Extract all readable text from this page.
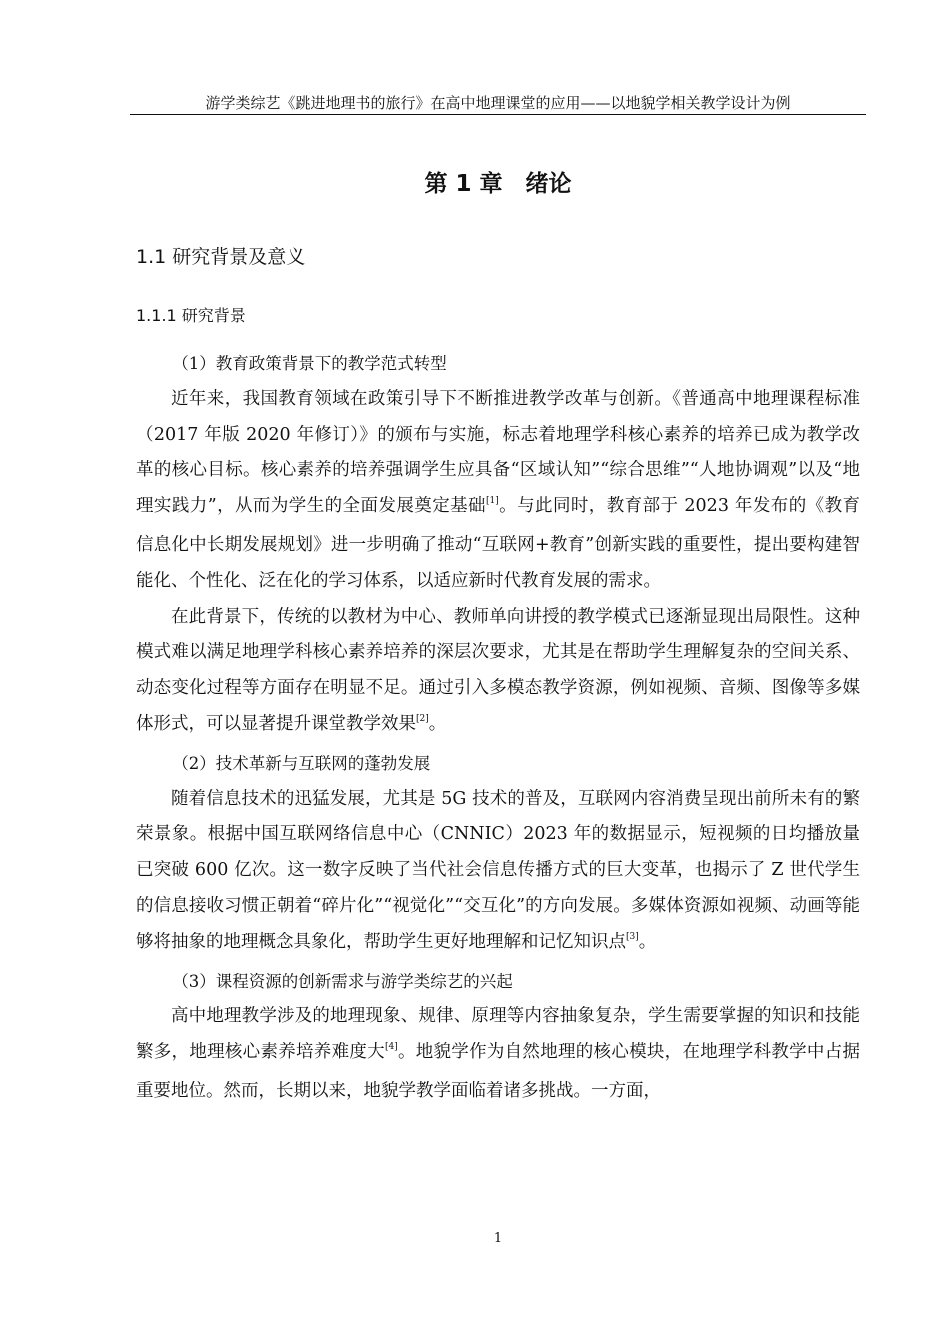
游学类综艺《跳进地理书的旅行》在高中地理课堂的应用——以地貌学相关教学设计为例
第 1 章　绪论
1.1 研究背景及意义
1.1.1 研究背景

（1）教育政策背景下的教学范式转型

近年来，我国教育领域在政策引导下不断推进教学改革与创新。《普通高中地理课程标准（2017 年版 2020 年修订）》的颁布与实施，标志着地理学科核心素养的培养已成为教学改革的核心目标。核心素养的培养强调学生应具备“区域认知”“综合思维”“人地协调观”以及“地理实践力”，从而为学生的全面发展奠定基础[1]。与此同时，教育部于 2023 年发布的《教育信息化中长期发展规划》进一步明确了推动“互联网+教育”创新实践的重要性，提出要构建智能化、个性化、泛在化的学习体系，以适应新时代教育发展的需求。

在此背景下，传统的以教材为中心、教师单向讲授的教学模式已逐渐显现出局限性。这种模式难以满足地理学科核心素养培养的深层次要求，尤其是在帮助学生理解复杂的空间关系、动态变化过程等方面存在明显不足。通过引入多模态教学资源，例如视频、音频、图像等多媒体形式，可以显著提升课堂教学效果[2]。

（2）技术革新与互联网的蓬勃发展

随着信息技术的迅猛发展，尤其是 5G 技术的普及，互联网内容消费呈现出前所未有的繁荣景象。根据中国互联网络信息中心（CNNIC）2023 年的数据显示，短视频的日均播放量已突破 600 亿次。这一数字反映了当代社会信息传播方式的巨大变革，也揭示了 Z 世代学生的信息接收习惯正朝着“碎片化”“视觉化”“交互化”的方向发展。多媒体资源如视频、动画等能够将抽象的地理概念具象化，帮助学生更好地理解和记忆知识点[3]。

（3）课程资源的创新需求与游学类综艺的兴起

高中地理教学涉及的地理现象、规律、原理等内容抽象复杂，学生需要掌握的知识和技能繁多，地理核心素养培养难度大[4]。地貌学作为自然地理的核心模块，在地理学科教学中占据重要地位。然而，长期以来，地貌学教学面临着诸多挑战。一方面，

1
